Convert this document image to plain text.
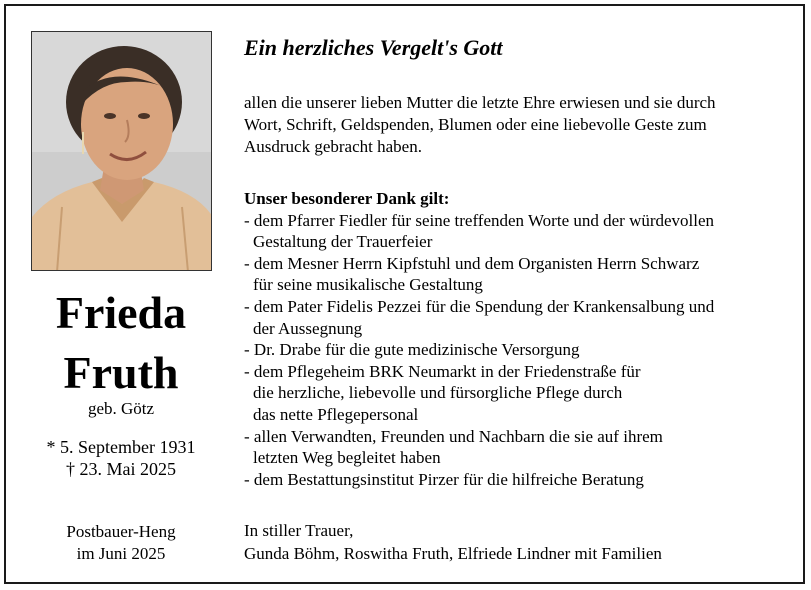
Frieda
Fruth
geb. Götz
* 5. September 1931
† 23. Mai 2025
Postbauer-Heng
im Juni 2025
Ein herzliches Vergelt's Gott
allen die unserer lieben Mutter die letzte Ehre erwiesen und sie durch
Wort, Schrift, Geldspenden, Blumen oder eine liebevolle Geste zum
Ausdruck gebracht haben.
Unser besonderer Dank gilt:
- dem Pfarrer Fiedler für seine treffenden Worte und der würdevollen
Gestaltung der Trauerfeier
- dem Mesner Herrn Kipfstuhl und dem Organisten Herrn Schwarz
für seine musikalische Gestaltung
- dem Pater Fidelis Pezzei für die Spendung der Krankensalbung und
der Aussegnung
- Dr. Drabe für die gute medizinische Versorgung
- dem Pflegeheim BRK Neumarkt in der Friedenstraße für
die herzliche, liebevolle und fürsorgliche Pflege durch
das nette Pflegepersonal
- allen Verwandten, Freunden und Nachbarn die sie auf ihrem
letzten Weg begleitet haben
- dem Bestattungsinstitut Pirzer für die hilfreiche Beratung
In stiller Trauer,
Gunda Böhm, Roswitha Fruth, Elfriede Lindner mit Familien
